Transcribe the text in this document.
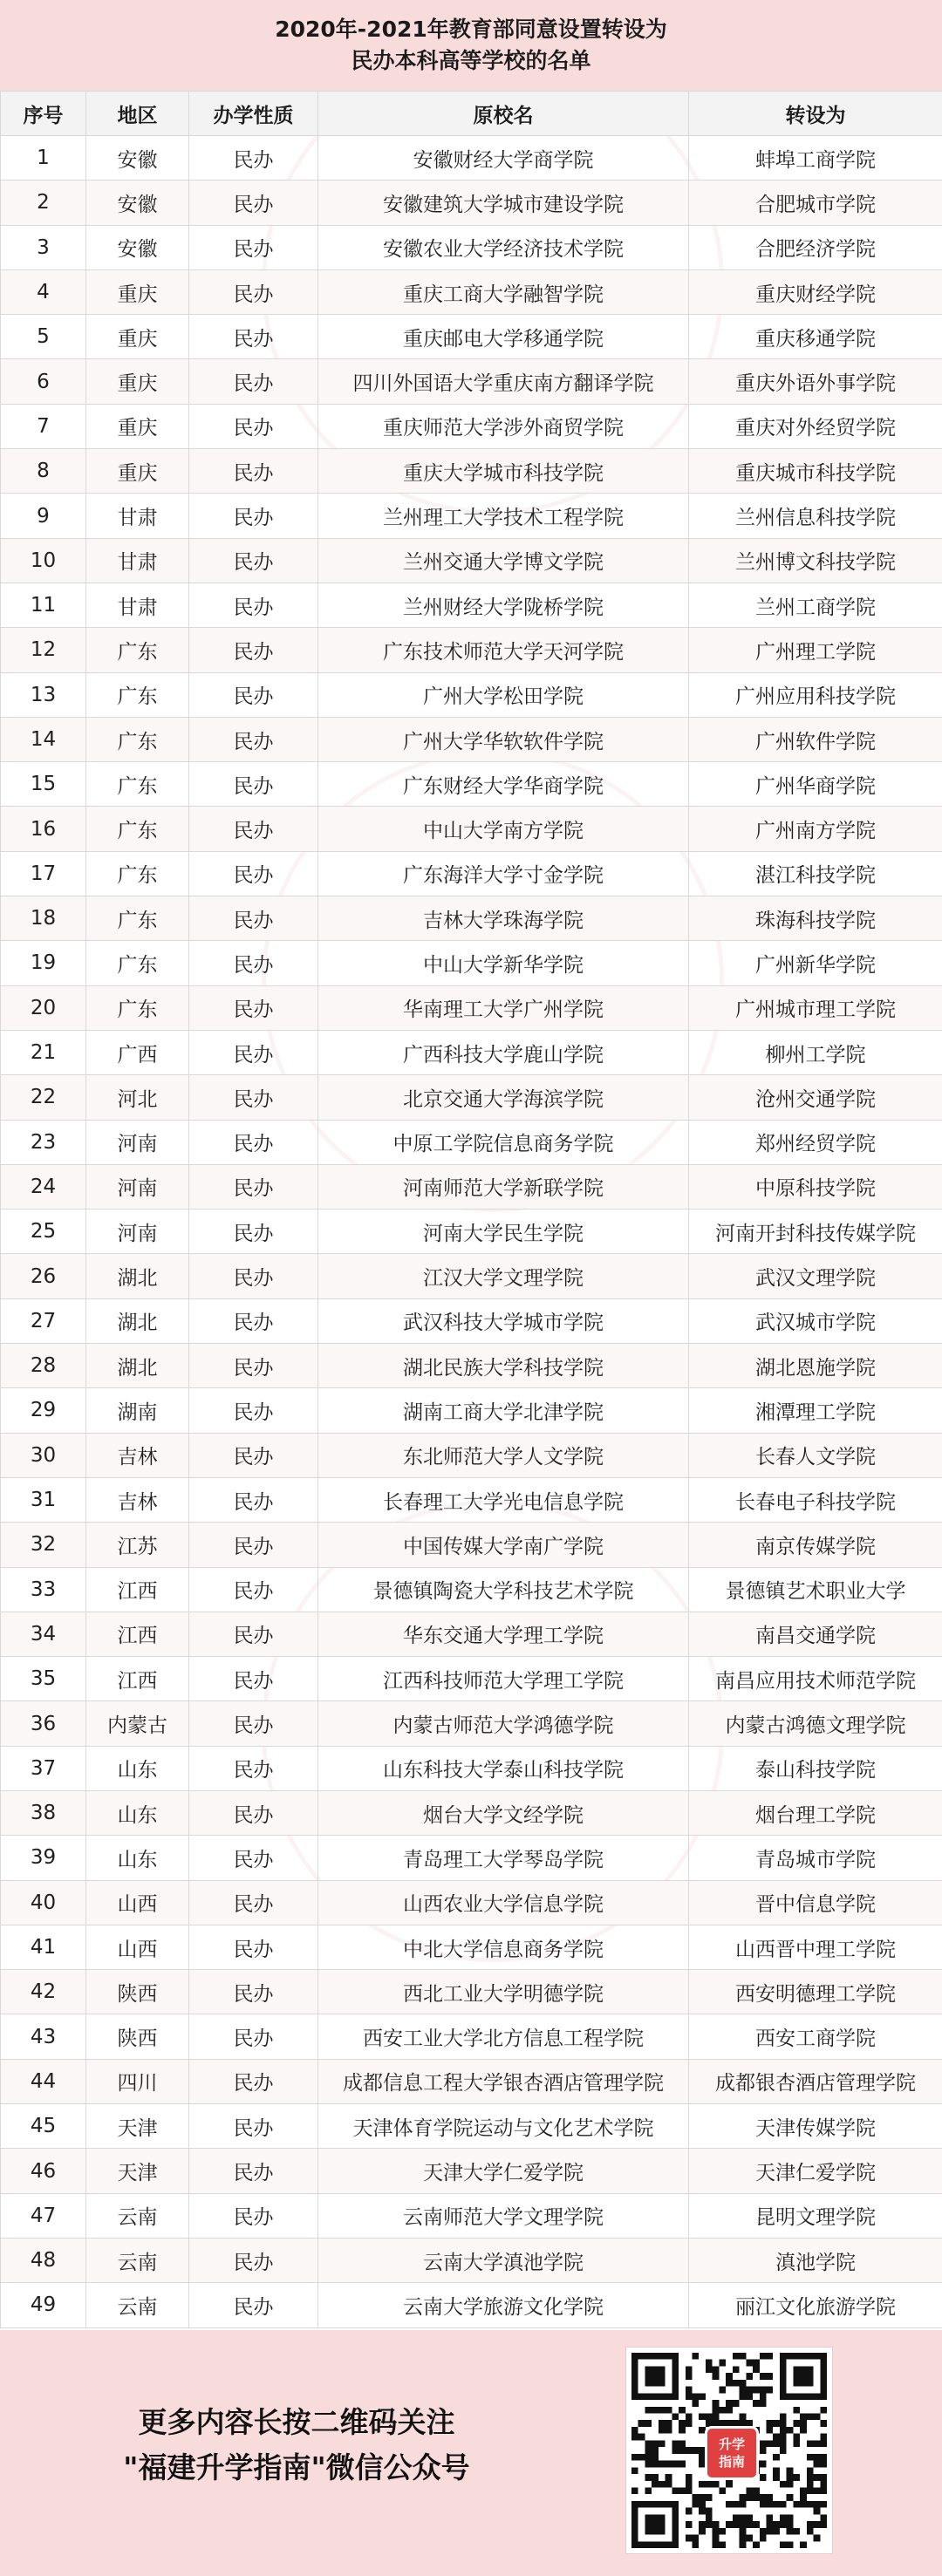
2020年-2021年教育部同意设置转设为
民办本科高等学校的名单
序号	地区	办学性质	原校名	转设为
1	安徽	民办	安徽财经大学商学院	蚌埠工商学院
2	安徽	民办	安徽建筑大学城市建设学院	合肥城市学院
3	安徽	民办	安徽农业大学经济技术学院	合肥经济学院
4	重庆	民办	重庆工商大学融智学院	重庆财经学院
5	重庆	民办	重庆邮电大学移通学院	重庆移通学院
6	重庆	民办	四川外国语大学重庆南方翻译学院	重庆外语外事学院
7	重庆	民办	重庆师范大学涉外商贸学院	重庆对外经贸学院
8	重庆	民办	重庆大学城市科技学院	重庆城市科技学院
9	甘肃	民办	兰州理工大学技术工程学院	兰州信息科技学院
10	甘肃	民办	兰州交通大学博文学院	兰州博文科技学院
11	甘肃	民办	兰州财经大学陇桥学院	兰州工商学院
12	广东	民办	广东技术师范大学天河学院	广州理工学院
13	广东	民办	广州大学松田学院	广州应用科技学院
14	广东	民办	广州大学华软软件学院	广州软件学院
15	广东	民办	广东财经大学华商学院	广州华商学院
16	广东	民办	中山大学南方学院	广州南方学院
17	广东	民办	广东海洋大学寸金学院	湛江科技学院
18	广东	民办	吉林大学珠海学院	珠海科技学院
19	广东	民办	中山大学新华学院	广州新华学院
20	广东	民办	华南理工大学广州学院	广州城市理工学院
21	广西	民办	广西科技大学鹿山学院	柳州工学院
22	河北	民办	北京交通大学海滨学院	沧州交通学院
23	河南	民办	中原工学院信息商务学院	郑州经贸学院
24	河南	民办	河南师范大学新联学院	中原科技学院
25	河南	民办	河南大学民生学院	河南开封科技传媒学院
26	湖北	民办	江汉大学文理学院	武汉文理学院
27	湖北	民办	武汉科技大学城市学院	武汉城市学院
28	湖北	民办	湖北民族大学科技学院	湖北恩施学院
29	湖南	民办	湖南工商大学北津学院	湘潭理工学院
30	吉林	民办	东北师范大学人文学院	长春人文学院
31	吉林	民办	长春理工大学光电信息学院	长春电子科技学院
32	江苏	民办	中国传媒大学南广学院	南京传媒学院
33	江西	民办	景德镇陶瓷大学科技艺术学院	景德镇艺术职业大学
34	江西	民办	华东交通大学理工学院	南昌交通学院
35	江西	民办	江西科技师范大学理工学院	南昌应用技术师范学院
36	内蒙古	民办	内蒙古师范大学鸿德学院	内蒙古鸿德文理学院
37	山东	民办	山东科技大学泰山科技学院	泰山科技学院
38	山东	民办	烟台大学文经学院	烟台理工学院
39	山东	民办	青岛理工大学琴岛学院	青岛城市学院
40	山西	民办	山西农业大学信息学院	晋中信息学院
41	山西	民办	中北大学信息商务学院	山西晋中理工学院
42	陕西	民办	西北工业大学明德学院	西安明德理工学院
43	陕西	民办	西安工业大学北方信息工程学院	西安工商学院
44	四川	民办	成都信息工程大学银杏酒店管理学院	成都银杏酒店管理学院
45	天津	民办	天津体育学院运动与文化艺术学院	天津传媒学院
46	天津	民办	天津大学仁爱学院	天津仁爱学院
47	云南	民办	云南师范大学文理学院	昆明文理学院
48	云南	民办	云南大学滇池学院	滇池学院
49	云南	民办	云南大学旅游文化学院	丽江文化旅游学院
更多内容长按二维码关注
"福建升学指南"微信公众号
升学
指南
